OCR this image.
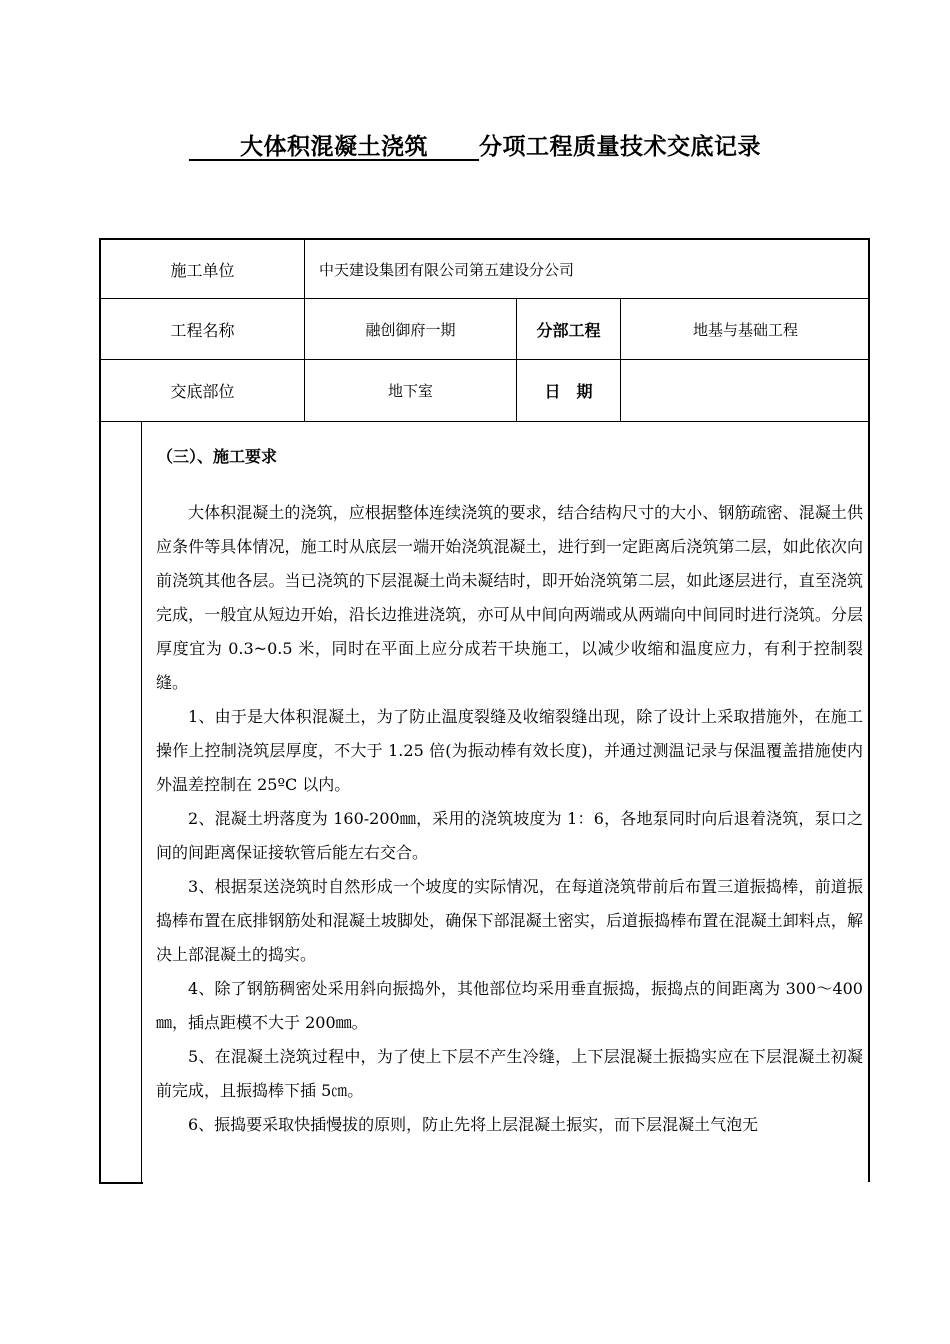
大体积混凝土浇筑 分项工程质量技术交底记录
施工单位	中天建设集团有限公司第五建设分公司
工程名称	融创御府一期	分部工程	地基与基础工程
交底部位	地下室	日　期
（三）、施工要求

大体积混凝土的浇筑，应根据整体连续浇筑的要求，结合结构尺寸的大小、钢筋疏密、混凝土供应条件等具体情况，施工时从底层一端开始浇筑混凝土，进行到一定距离后浇筑第二层，如此依次向前浇筑其他各层。当已浇筑的下层混凝土尚未凝结时，即开始浇筑第二层，如此逐层进行，直至浇筑完成，一般宜从短边开始，沿长边推进浇筑，亦可从中间向两端或从两端向中间同时进行浇筑。分层厚度宜为 0.3~0.5 米，同时在平面上应分成若干块施工，以减少收缩和温度应力，有利于控制裂缝。

1、由于是大体积混凝土，为了防止温度裂缝及收缩裂缝出现，除了设计上采取措施外，在施工操作上控制浇筑层厚度，不大于 1.25 倍(为振动棒有效长度)，并通过测温记录与保温覆盖措施使内外温差控制在 25ºC 以内。

2、混凝土坍落度为 160-200㎜，采用的浇筑坡度为 1：6，各地泵同时向后退着浇筑，泵口之间的间距离保证接软管后能左右交合。

3、根据泵送浇筑时自然形成一个坡度的实际情况，在每道浇筑带前后布置三道振捣棒，前道振捣棒布置在底排钢筋处和混凝土坡脚处，确保下部混凝土密实，后道振捣棒布置在混凝土卸料点，解决上部混凝土的捣实。

4、除了钢筋稠密处采用斜向振捣外，其他部位均采用垂直振捣，振捣点的间距离为 300～400㎜，插点距模不大于 200㎜。

5、在混凝土浇筑过程中，为了使上下层不产生冷缝，上下层混凝土振捣实应在下层混凝土初凝前完成，且振捣棒下插 5㎝。

6、振捣要采取快插慢拔的原则，防止先将上层混凝土振实，而下层混凝土气泡无
